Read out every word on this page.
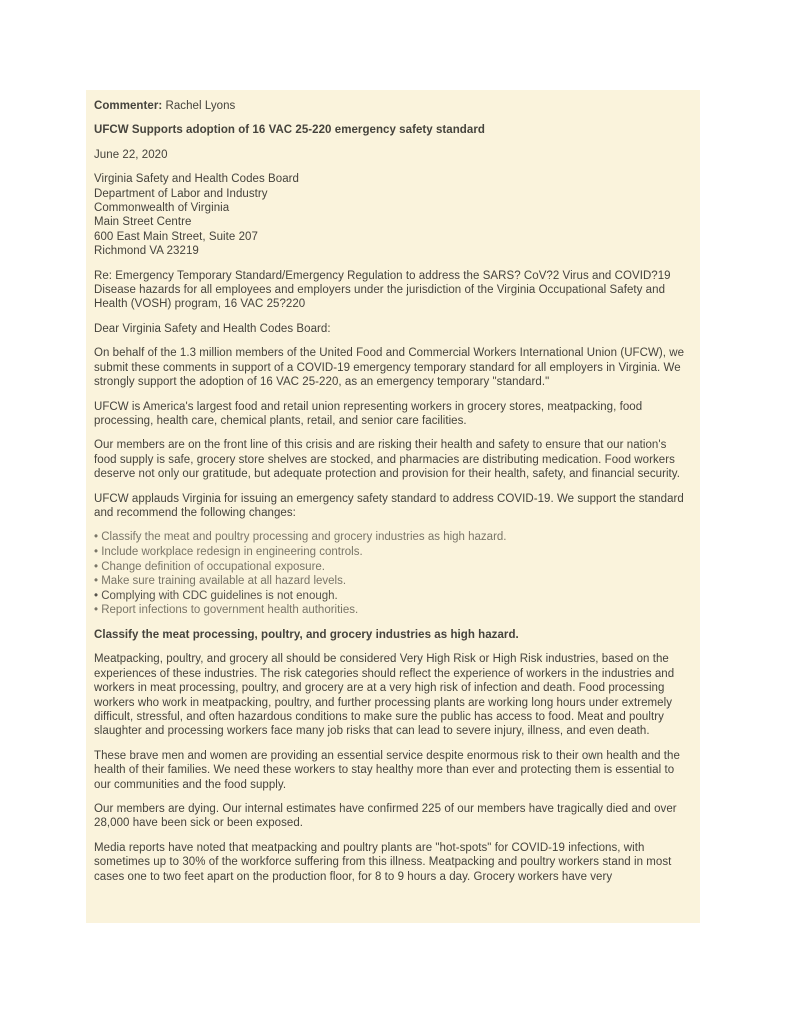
Commenter: Rachel Lyons

UFCW Supports adoption of 16 VAC 25-220 emergency safety standard

June 22, 2020

Virginia Safety and Health Codes Board
Department of Labor and Industry
Commonwealth of Virginia
Main Street Centre
600 East Main Street, Suite 207
Richmond VA 23219

Re: Emergency Temporary Standard/Emergency Regulation to address the SARS? CoV?2 Virus and COVID?19 Disease hazards for all employees and employers under the jurisdiction of the Virginia Occupational Safety and Health (VOSH) program, 16 VAC 25?220

Dear Virginia Safety and Health Codes Board:

On behalf of the 1.3 million members of the United Food and Commercial Workers International Union (UFCW), we submit these comments in support of a COVID-19 emergency temporary standard for all employers in Virginia. We strongly support the adoption of 16 VAC 25-220, as an emergency temporary "standard."

UFCW is America's largest food and retail union representing workers in grocery stores, meatpacking, food processing, health care, chemical plants, retail, and senior care facilities.

Our members are on the front line of this crisis and are risking their health and safety to ensure that our nation's food supply is safe, grocery store shelves are stocked, and pharmacies are distributing medication. Food workers deserve not only our gratitude, but adequate protection and provision for their health, safety, and financial security.

UFCW applauds Virginia for issuing an emergency safety standard to address COVID-19. We support the standard and recommend the following changes:

• Classify the meat and poultry processing and grocery industries as high hazard.
• Include workplace redesign in engineering controls.
• Change definition of occupational exposure.
• Make sure training available at all hazard levels.
• Complying with CDC guidelines is not enough.
• Report infections to government health authorities.

Classify the meat processing, poultry, and grocery industries as high hazard.

Meatpacking, poultry, and grocery all should be considered Very High Risk or High Risk industries, based on the experiences of these industries. The risk categories should reflect the experience of workers in the industries and workers in meat processing, poultry, and grocery are at a very high risk of infection and death. Food processing workers who work in meatpacking, poultry, and further processing plants are working long hours under extremely difficult, stressful, and often hazardous conditions to make sure the public has access to food. Meat and poultry slaughter and processing workers face many job risks that can lead to severe injury, illness, and even death.

These brave men and women are providing an essential service despite enormous risk to their own health and the health of their families. We need these workers to stay healthy more than ever and protecting them is essential to our communities and the food supply.

Our members are dying. Our internal estimates have confirmed 225 of our members have tragically died and over 28,000 have been sick or been exposed.

Media reports have noted that meatpacking and poultry plants are "hot-spots" for COVID-19 infections, with sometimes up to 30% of the workforce suffering from this illness. Meatpacking and poultry workers stand in most cases one to two feet apart on the production floor, for 8 to 9 hours a day. Grocery workers have very
